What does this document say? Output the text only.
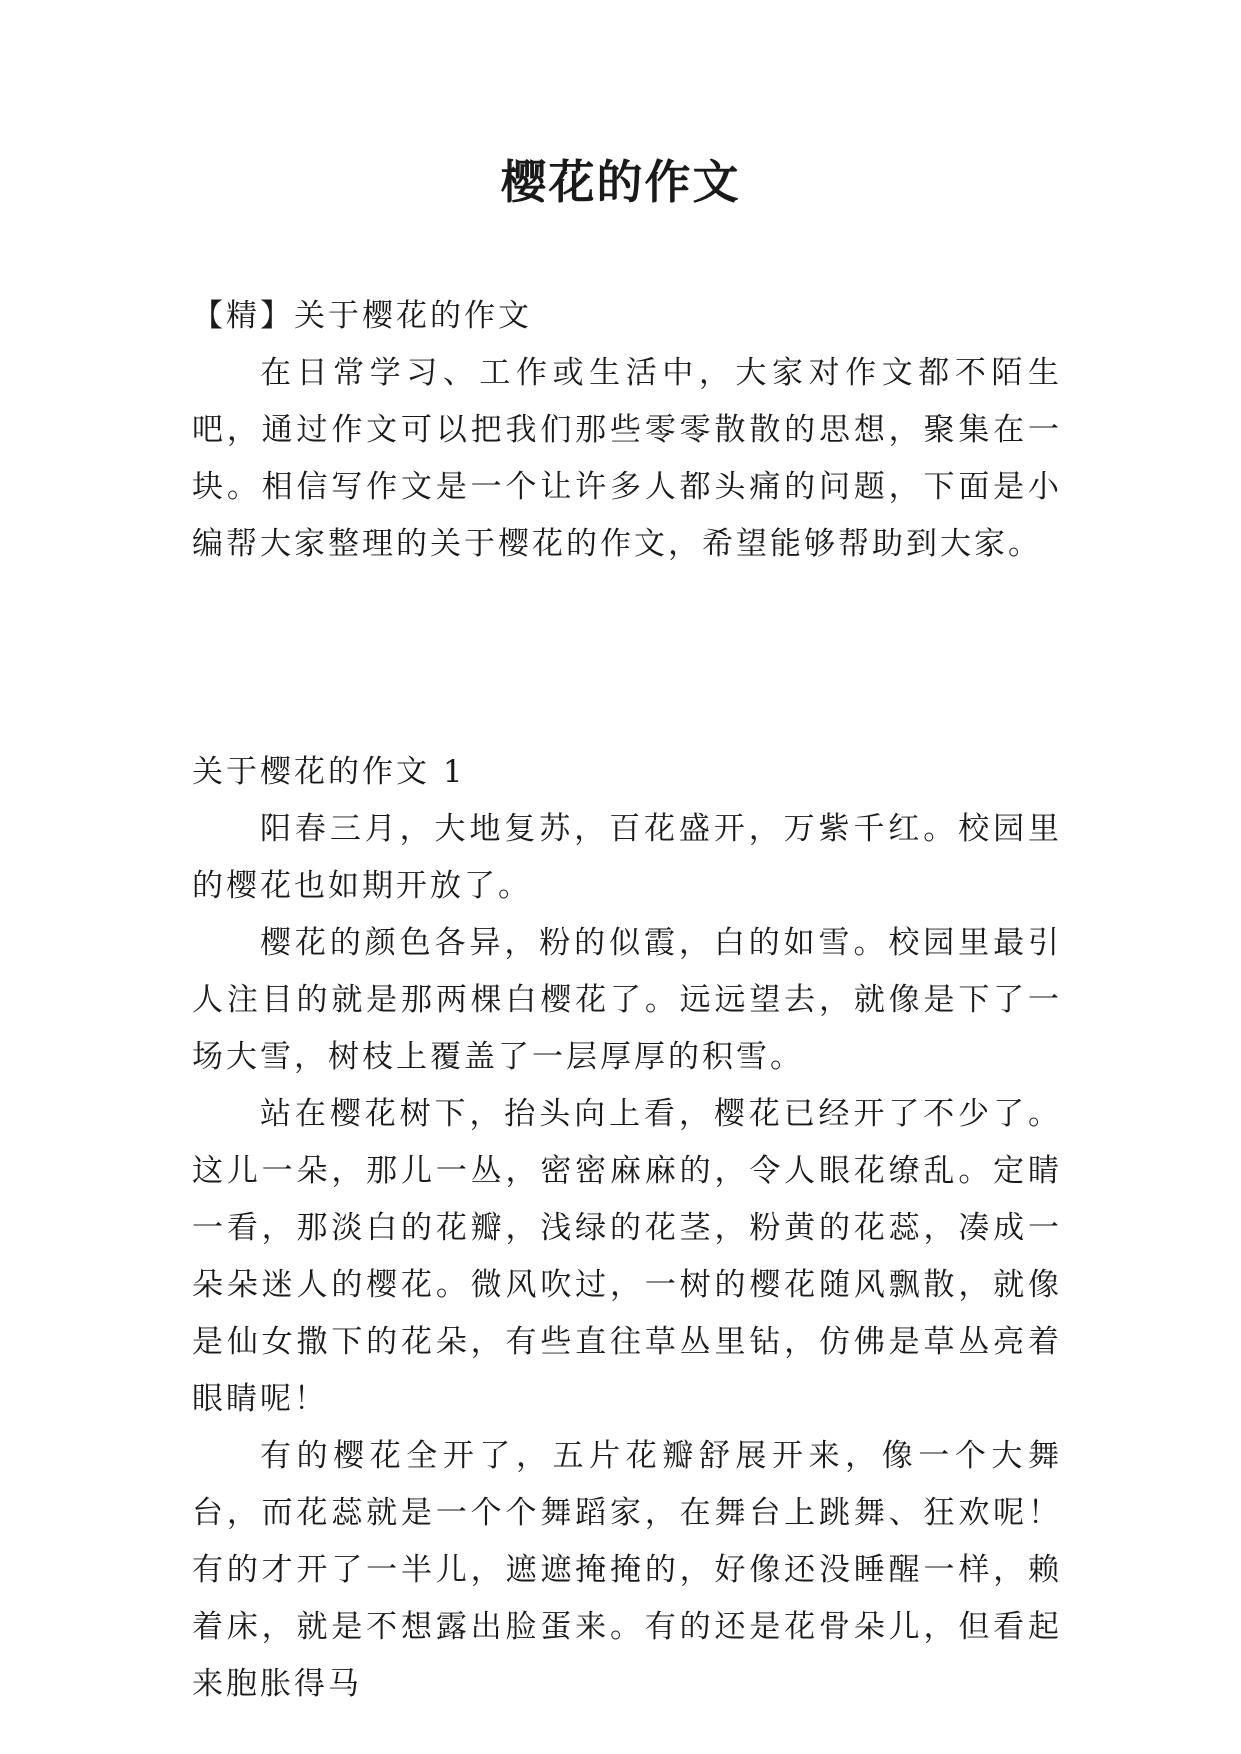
樱花的作文

【精】关于樱花的作文

在日常学习、工作或生活中，大家对作文都不陌生吧，通过作文可以把我们那些零零散散的思想，聚集在一块。相信写作文是一个让许多人都头痛的问题，下面是小编帮大家整理的关于樱花的作文，希望能够帮助到大家。

关于樱花的作文 1

阳春三月，大地复苏，百花盛开，万紫千红。校园里的樱花也如期开放了。

樱花的颜色各异，粉的似霞，白的如雪。校园里最引人注目的就是那两棵白樱花了。远远望去，就像是下了一场大雪，树枝上覆盖了一层厚厚的积雪。

站在樱花树下，抬头向上看，樱花已经开了不少了。这儿一朵，那儿一丛，密密麻麻的，令人眼花缭乱。定睛一看，那淡白的花瓣，浅绿的花茎，粉黄的花蕊，凑成一朵朵迷人的樱花。微风吹过，一树的樱花随风飘散，就像是仙女撒下的花朵，有些直往草丛里钻，仿佛是草丛亮着眼睛呢！

有的樱花全开了，五片花瓣舒展开来，像一个大舞台，而花蕊就是一个个舞蹈家，在舞台上跳舞、狂欢呢！有的才开了一半儿，遮遮掩掩的，好像还没睡醒一样，赖着床，就是不想露出脸蛋来。有的还是花骨朵儿，但看起来胞胀得马
